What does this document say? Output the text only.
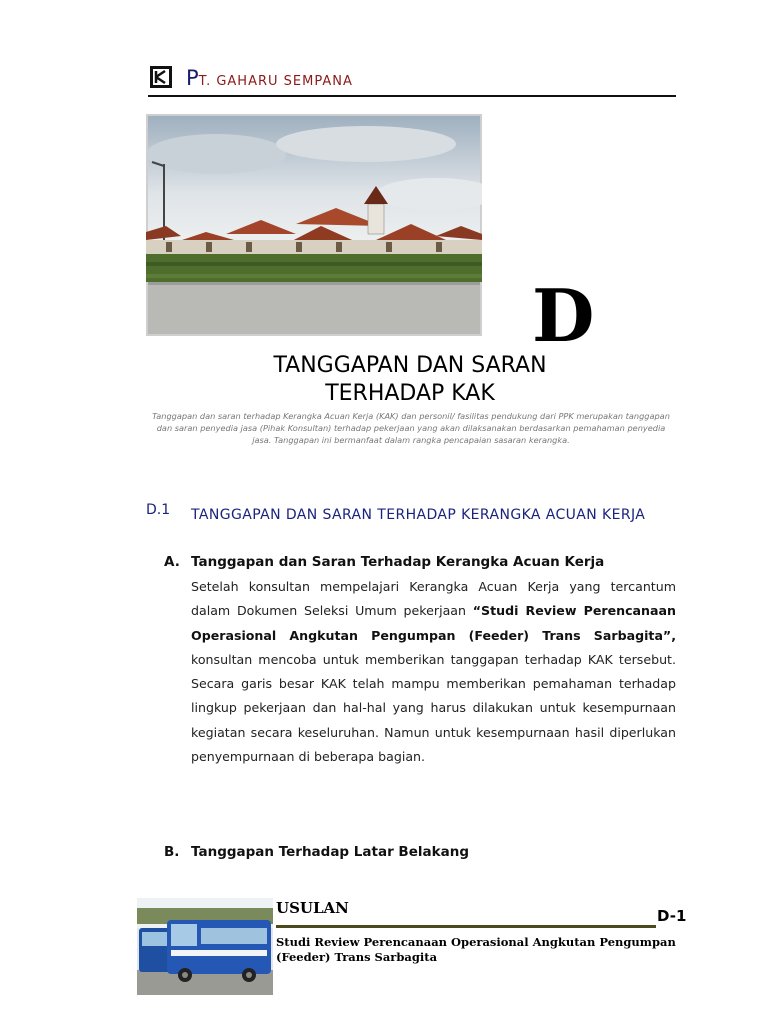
PT. GAHARU SEMPANA
D
TANGGAPAN DAN SARAN
TERHADAP KAK
Tanggapan dan saran terhadap Kerangka Acuan Kerja (KAK) dan personil/ fasilitas pendukung dari PPK merupakan tanggapan dan saran penyedia jasa (Pihak Konsultan) terhadap pekerjaan yang akan dilaksanakan berdasarkan pemahaman penyedia jasa. Tanggapan ini bermanfaat dalam rangka pencapaian sasaran kerangka.
D.1 TANGGAPAN DAN SARAN TERHADAP KERANGKA ACUAN KERJA
A. Tanggapan dan Saran Terhadap Kerangka Acuan Kerja
Setelah konsultan mempelajari Kerangka Acuan Kerja yang tercantum dalam Dokumen Seleksi Umum pekerjaan “Studi Review Perencanaan Operasional Angkutan Pengumpan (Feeder) Trans Sarbagita”, konsultan mencoba untuk memberikan tanggapan terhadap KAK tersebut. Secara garis besar KAK telah mampu memberikan pemahaman terhadap lingkup pekerjaan dan hal-hal yang harus dilakukan untuk kesempurnaan kegiatan secara keseluruhan. Namun untuk kesempurnaan hasil diperlukan penyempurnaan di beberapa bagian.
B. Tanggapan Terhadap Latar Belakang
USULAN	D-1
Studi Review Perencanaan Operasional Angkutan Pengumpan (Feeder) Trans Sarbagita
